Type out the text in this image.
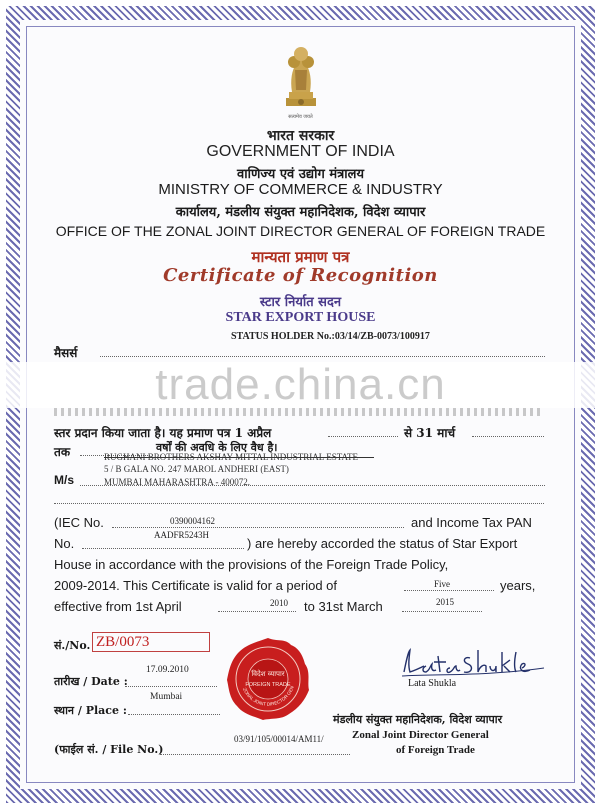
सत्यमेव जयते
भारत सरकार
GOVERNMENT OF INDIA
वाणिज्य एवं उद्योग मंत्रालय
MINISTRY OF COMMERCE & INDUSTRY
कार्यालय, मंडलीय संयुक्त महानिदेशक, विदेश व्यापार
OFFICE OF THE ZONAL JOINT DIRECTOR GENERAL OF FOREIGN TRADE
मान्यता प्रमाण पत्र
Certificate of Recognition
स्टार निर्यात सदन
STAR EXPORT HOUSE
STATUS HOLDER No.:03/14/ZB-0073/100917
मैसर्स
trade.china.cn
स्तर प्रदान किया जाता है। यह प्रमाण पत्र 1 अप्रैल	से 31 मार्च
तक	वर्षों की अवधि के लिए वैध है।
RUGHANI BROTHERS AKSHAY MITTAL INDUSTRIAL ESTATE
M/s
5 / B GALA NO. 247 MAROL ANDHERI (EAST)
MUMBAI MAHARASHTRA - 400072.
(IEC No.	0390004162	and Income Tax PAN
No.
AADFR5243H
) are hereby accorded the status of Star Export
House in accordance with the provisions of the Foreign Trade Policy,
2009-2014. This Certificate is valid for a period of	Five	years,
effective from 1st April	2010 to 31st March	2015
सं./No. ZB/0073
तारीख / Date :
17.09.2010
स्थान / Place :
Mumbai
(फाईल सं. / File No.)
03/91/105/00014/AM11/
विदेश व्यापार
FOREIGN TRADE
ZONAL JOINT DIRECTOR GEN	Lata Shukla
मंडलीय संयुक्त महानिदेशक, विदेश व्यापार
Zonal Joint Director General
of Foreign Trade
